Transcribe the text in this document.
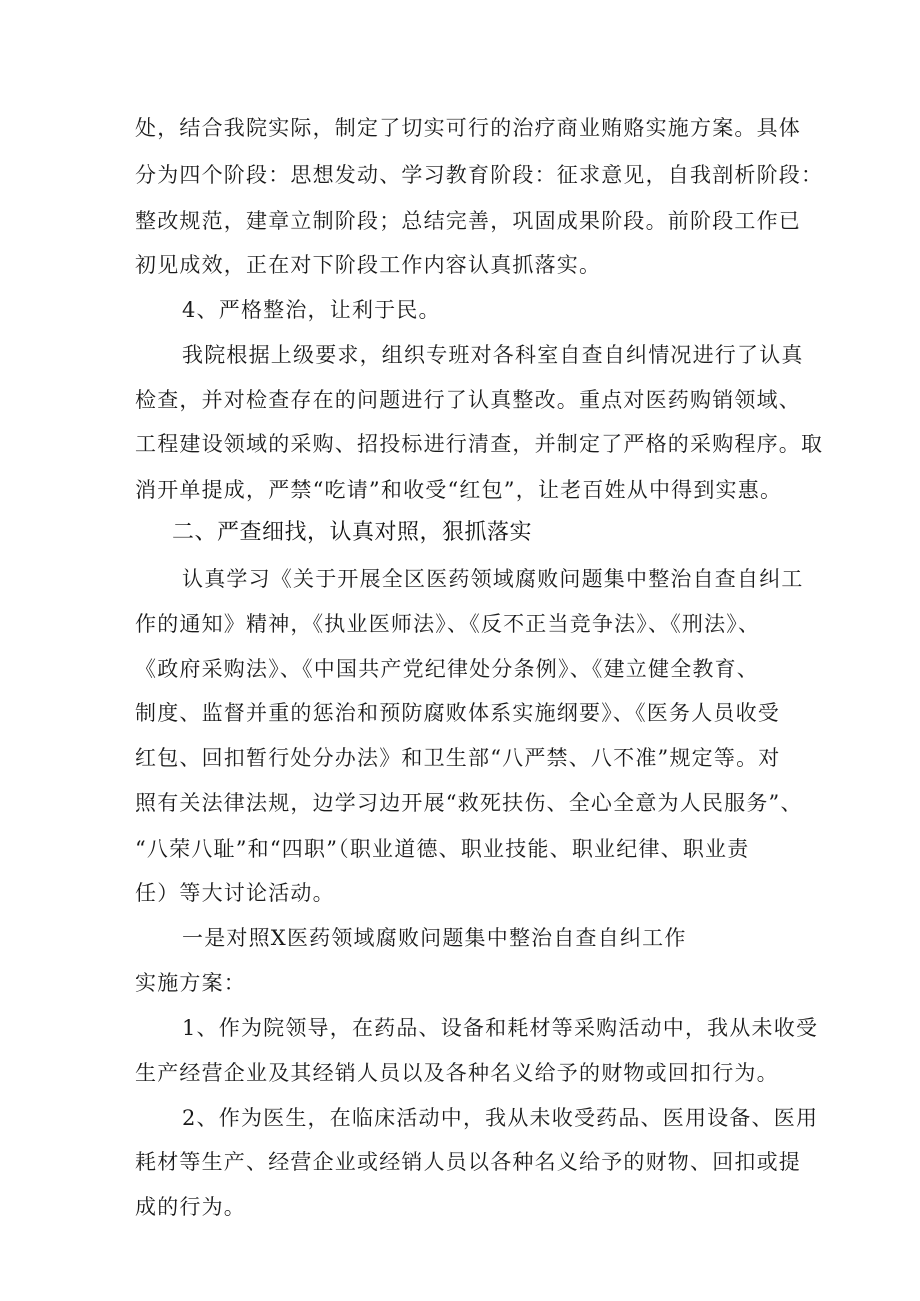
处，结合我院实际，制定了切实可行的治疗商业贿赂实施方案。具体
分为四个阶段：思想发动、学习教育阶段：征求意见，自我剖析阶段：
整改规范，建章立制阶段；总结完善，巩固成果阶段。前阶段工作已
初见成效，正在对下阶段工作内容认真抓落实。
4、严格整治，让利于民。
我院根据上级要求，组织专班对各科室自查自纠情况进行了认真
检查，并对检查存在的问题进行了认真整改。重点对医药购销领域、
工程建设领域的采购、招投标进行清查，并制定了严格的采购程序。取
消开单提成，严禁“吃请”和收受“红包”，让老百姓从中得到实惠。
二、严查细找，认真对照，狠抓落实
认真学习《关于开展全区医药领域腐败问题集中整治自查自纠工
作的通知》精神，《执业医师法》、《反不正当竞争法》、《刑法》、
《政府采购法》、《中国共产党纪律处分条例》、《建立健全教育、
制度、监督并重的惩治和预防腐败体系实施纲要》、《医务人员收受
红包、回扣暂行处分办法》和卫生部“八严禁、八不准”规定等。对
照有关法律法规，边学习边开展“救死扶伤、全心全意为人民服务”、
“八荣八耻”和“四职”（职业道德、职业技能、职业纪律、职业责
任）等大讨论活动。
一是对照X医药领域腐败问题集中整治自查自纠工作
实施方案：
1、作为院领导，在药品、设备和耗材等采购活动中，我从未收受
生产经营企业及其经销人员以及各种名义给予的财物或回扣行为。
2、作为医生，在临床活动中，我从未收受药品、医用设备、医用
耗材等生产、经营企业或经销人员以各种名义给予的财物、回扣或提
成的行为。
